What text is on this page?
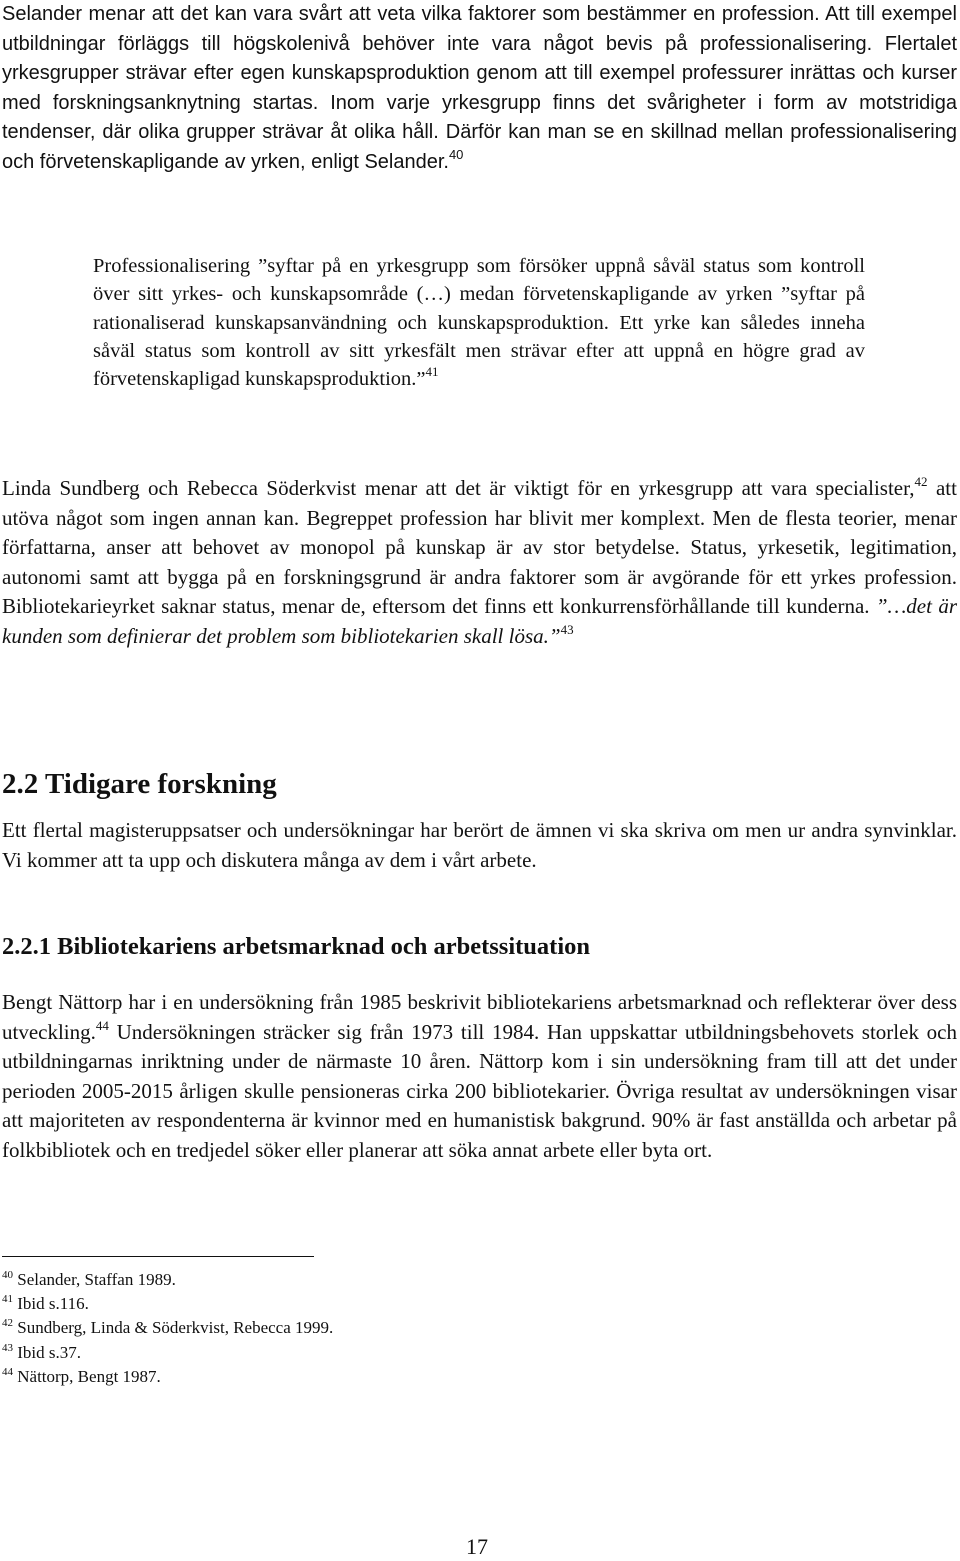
Selander menar att det kan vara svårt att veta vilka faktorer som bestämmer en profession. Att till exempel utbildningar förläggs till högskolenivå behöver inte vara något bevis på professionalisering. Flertalet yrkesgrupper strävar efter egen kunskapsproduktion genom att till exempel professurer inrättas och kurser med forskningsanknytning startas. Inom varje yrkesgrupp finns det svårigheter i form av motstridiga tendenser, där olika grupper strävar åt olika håll. Därför kan man se en skillnad mellan professionalisering och förvetenskapligande av yrken, enligt Selander.$^{40}$

Professionalisering ”syftar på en yrkesgrupp som försöker uppnå såväl status som kontroll över sitt yrkes- och kunskapsområde (…) medan förvetenskapligande av yrken ”syftar på rationaliserad kunskapsanvändning och kunskapsproduktion. Ett yrke kan således inneha såväl status som kontroll av sitt yrkesfält men strävar efter att uppnå en högre grad av förvetenskapligad kunskapsproduktion.”$^{41}$

Linda Sundberg och Rebecca Söderkvist menar att det är viktigt för en yrkesgrupp att vara specialister,$^{42}$ att utöva något som ingen annan kan. Begreppet profession har blivit mer komplext. Men de flesta teorier, menar författarna, anser att behovet av monopol på kunskap är av stor betydelse. Status, yrkesetik, legitimation, autonomi samt att bygga på en forskningsgrund är andra faktorer som är avgörande för ett yrkes profession. Bibliotekarieyrket saknar status, menar de, eftersom det finns ett konkurrensförhållande till kunderna. ”…det är kunden som definierar det problem som bibliotekarien skall lösa.”$^{43}$

2.2 Tidigare forskning

Ett flertal magisteruppsatser och undersökningar har berört de ämnen vi ska skriva om men ur andra synvinklar. Vi kommer att ta upp och diskutera många av dem i vårt arbete.

2.2.1 Bibliotekariens arbetsmarknad och arbetssituation

Bengt Nättorp har i en undersökning från 1985 beskrivit bibliotekariens arbetsmarknad och reflekterar över dess utveckling.$^{44}$ Undersökningen sträcker sig från 1973 till 1984. Han uppskattar utbildningsbehovets storlek och utbildningarnas inriktning under de närmaste 10 åren. Nättorp kom i sin undersökning fram till att det under perioden 2005-2015 årligen skulle pensioneras cirka 200 bibliotekarier. Övriga resultat av undersökningen visar att majoriteten av respondenterna är kvinnor med en humanistisk bakgrund. 90% är fast anställda och arbetar på folkbibliotek och en tredjedel söker eller planerar att söka annat arbete eller byta ort.

$^{40}$ Selander, Staffan 1989.
$^{41}$ Ibid s.116.
$^{42}$ Sundberg, Linda & Söderkvist, Rebecca 1999.
$^{43}$ Ibid s.37.
$^{44}$ Nättorp, Bengt 1987.
17
